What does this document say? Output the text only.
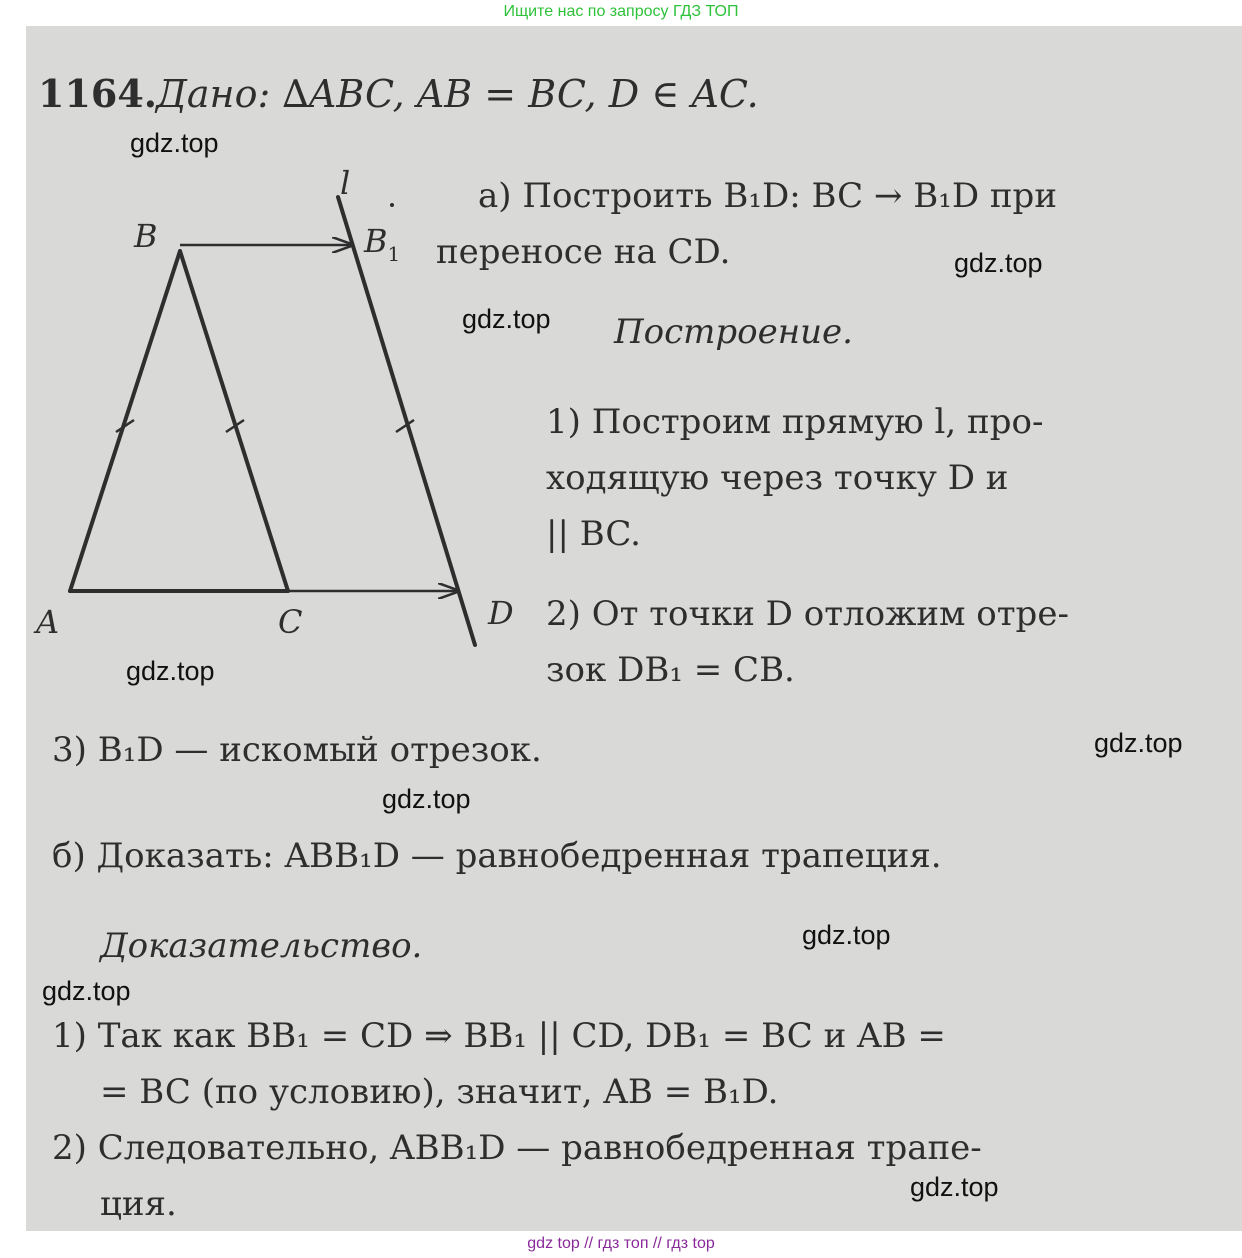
Ищите нас по запросу ГДЗ ТОП
1164. Дано: ∆ABC, AB = BC, D ∈ AC.
B	$B_1$
l
A	C	D
а) Построить B₁D: BC → B₁D при
переносе на CD.
Построение.
1) Построим прямую l, про-
ходящую через точку D и
|| BC.
2) От точки D отложим отре-
зок DB₁ = CB.
3) B₁D — искомый отрезок.
б) Доказать: ABB₁D — равнобедренная трапеция.
Доказательство.
1) Так как BB₁ = CD ⇒ BB₁ || CD, DB₁ = BC и AB =
= BC (по условию), значит, AB = B₁D.
2) Следовательно, ABB₁D — равнобедренная трапе-
ция.
gdz.top
gdz.top
gdz.top
gdz.top
gdz.top
gdz.top
gdz.top
gdz.top
gdz.top
gdz top // гдз топ // гдз top
